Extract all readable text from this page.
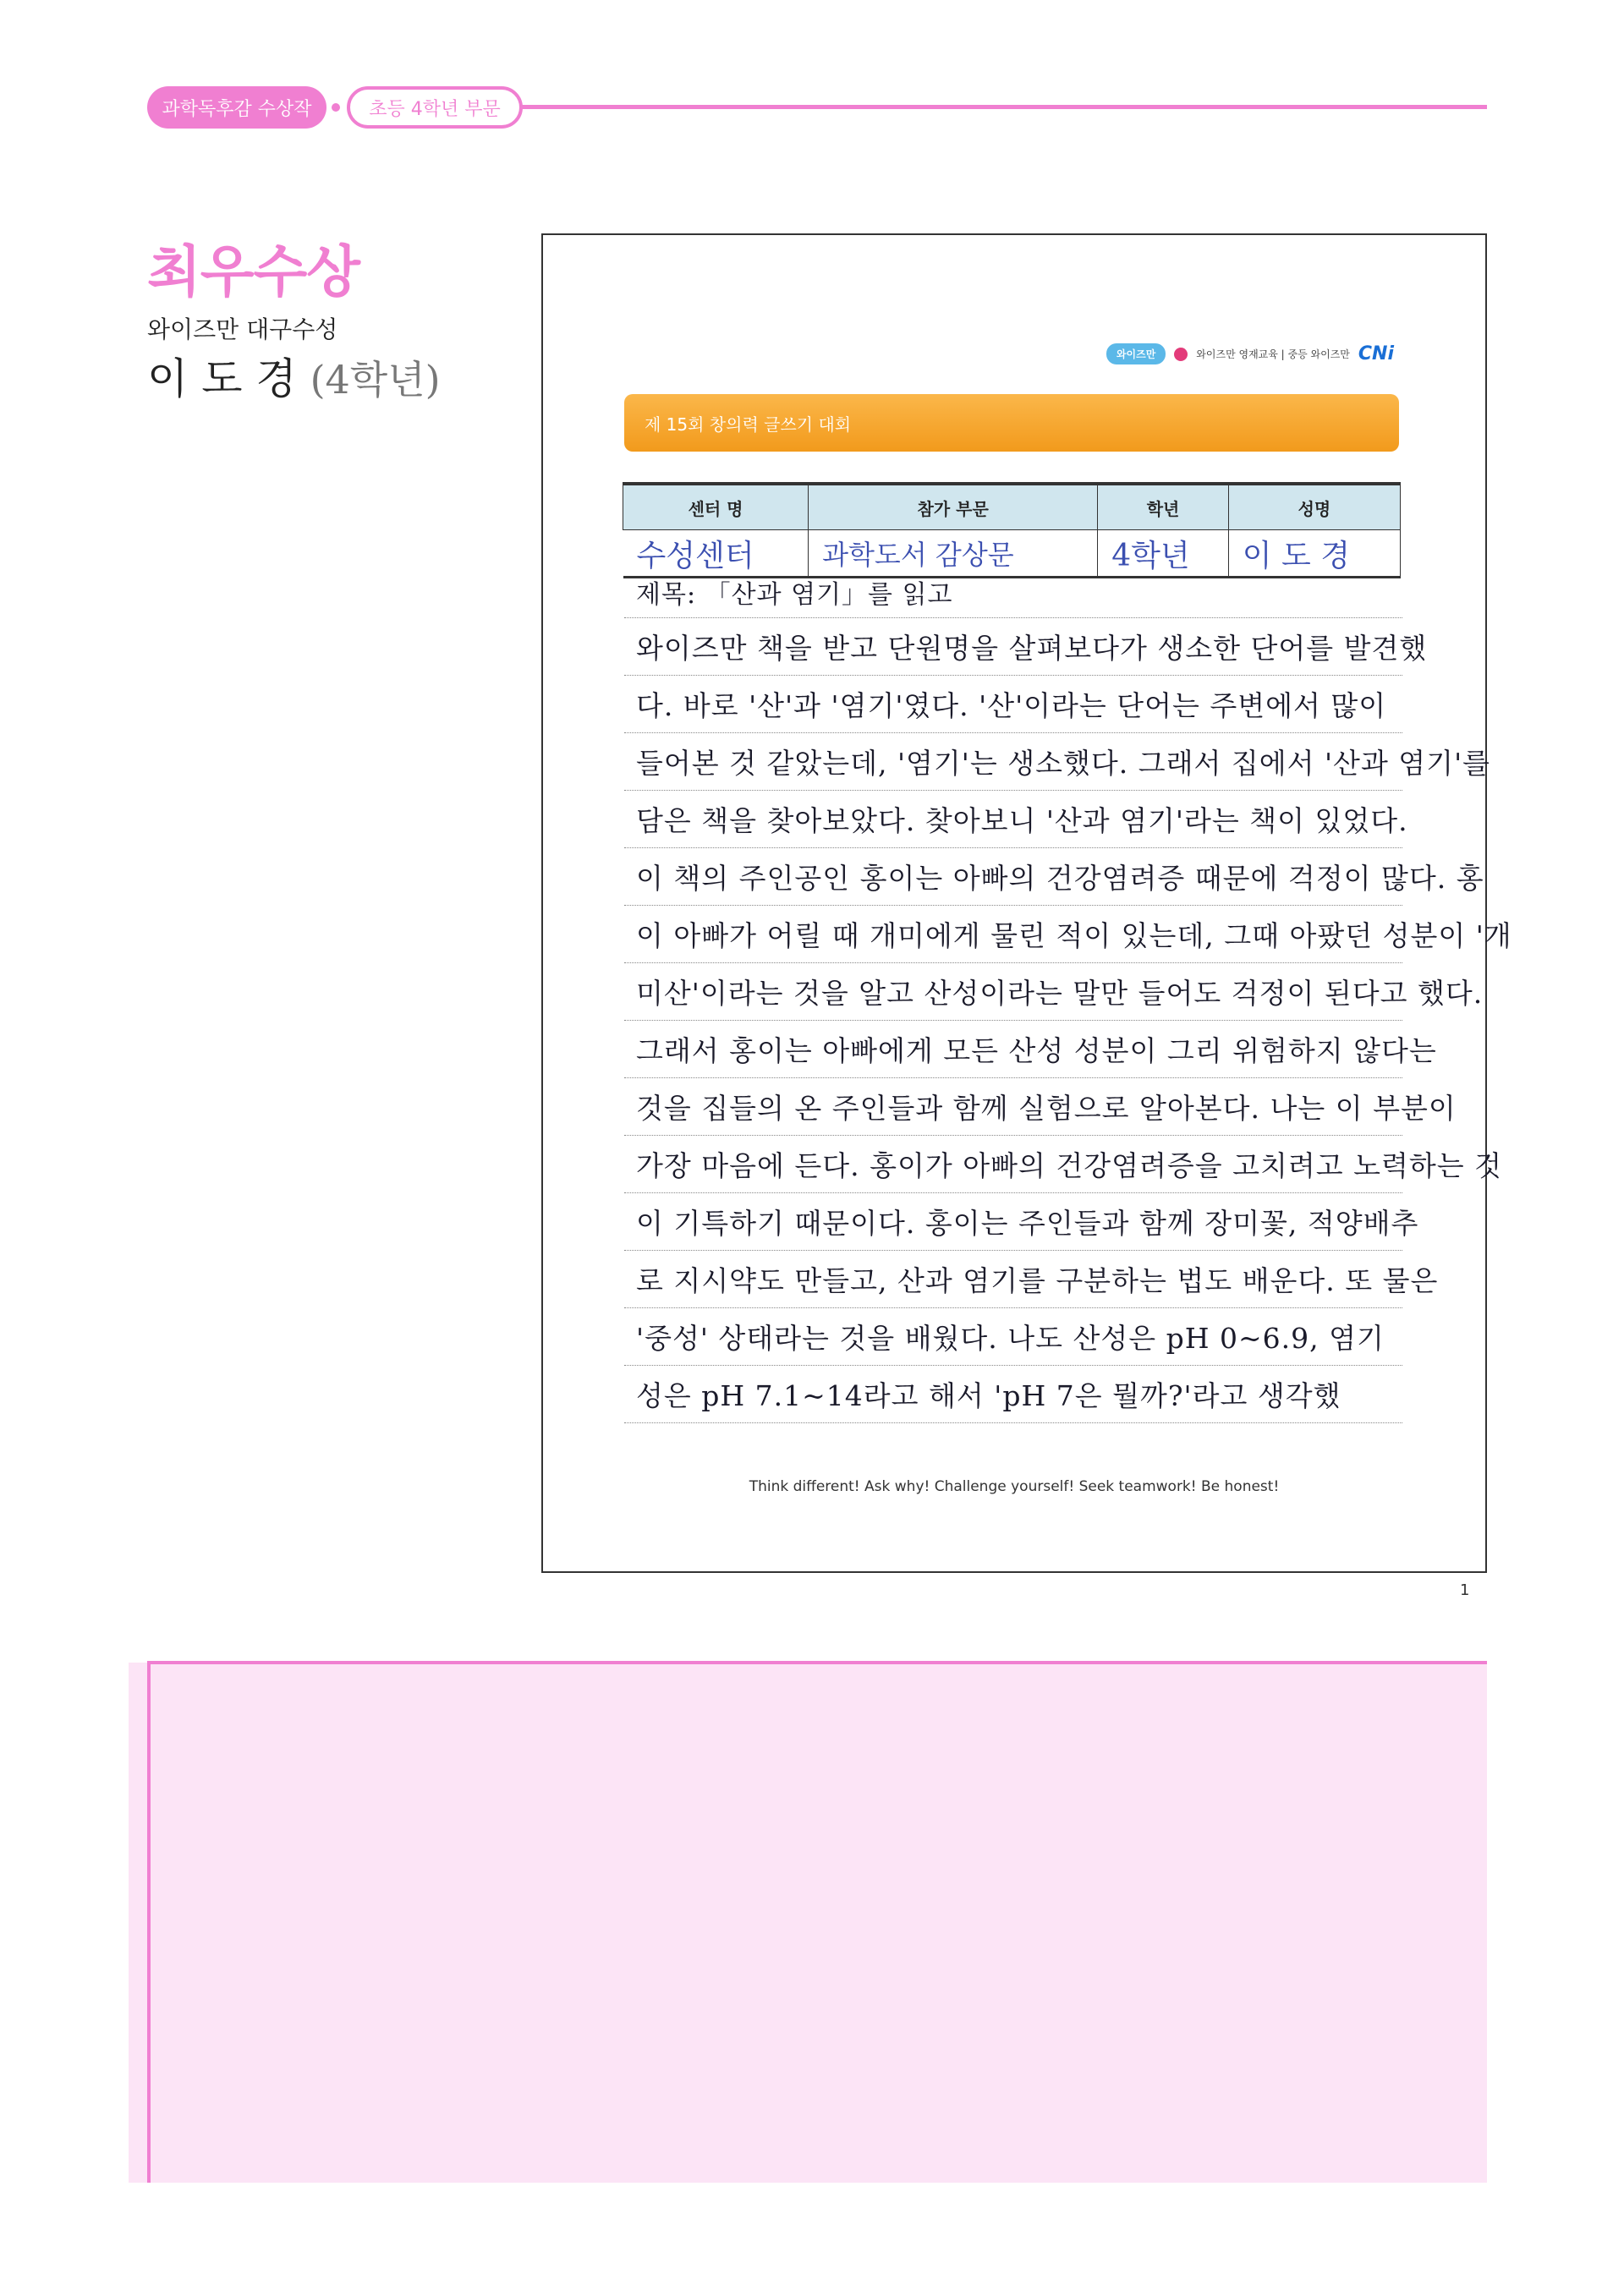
과학독후감 수상작	초등 4학년 부문
최우수상
와이즈만 대구수성
이 도 경 (4학년)
와이즈만	와이즈만 영재교육 | 중등 와이즈만 CNi
제 15회 창의력 글쓰기 대회
센터 명	참가 부문	학년	성명
수성센터	과학도서 감상문	4학년	이 도 경
제목: 「산과 염기」를 읽고
와이즈만 책을 받고 단원명을 살펴보다가 생소한 단어를 발견했
다. 바로 '산'과 '염기'였다. '산'이라는 단어는 주변에서 많이
들어본 것 같았는데, '염기'는 생소했다. 그래서 집에서 '산과 염기'를
담은 책을 찾아보았다. 찾아보니 '산과 염기'라는 책이 있었다.
이 책의 주인공인 홍이는 아빠의 건강염려증 때문에 걱정이 많다. 홍
이 아빠가 어릴 때 개미에게 물린 적이 있는데, 그때 아팠던 성분이 '개
미산'이라는 것을 알고 산성이라는 말만 들어도 걱정이 된다고 했다.
그래서 홍이는 아빠에게 모든 산성 성분이 그리 위험하지 않다는
것을 집들의 온 주인들과 함께 실험으로 알아본다. 나는 이 부분이
가장 마음에 든다. 홍이가 아빠의 건강염려증을 고치려고 노력하는 것
이 기특하기 때문이다. 홍이는 주인들과 함께 장미꽃, 적양배추
로 지시약도 만들고, 산과 염기를 구분하는 법도 배운다. 또 물은
'중성' 상태라는 것을 배웠다. 나도 산성은 pH 0~6.9, 염기
성은 pH 7.1~14라고 해서 'pH 7은 뭘까?'라고 생각했
Think different! Ask why! Challenge yourself! Seek teamwork! Be honest!
1
